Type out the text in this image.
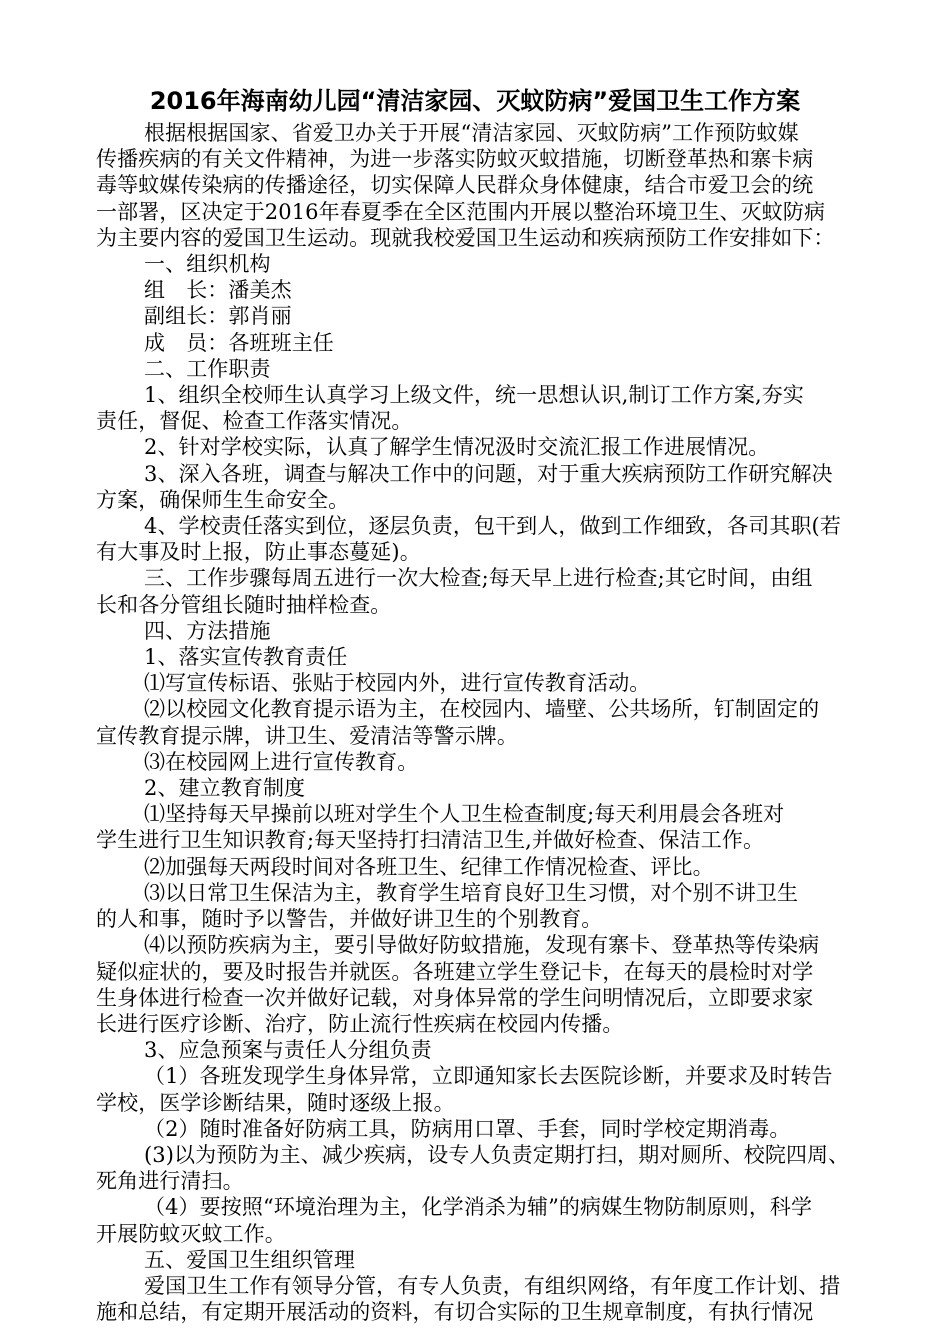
2016年海南幼儿园“清洁家园、灭蚊防病”爱国卫生工作方案

根据根据国家、省爱卫办关于开展“清洁家园、灭蚊防病”工作预防蚊媒

传播疾病的有关文件精神，为进一步落实防蚊灭蚊措施，切断登革热和寨卡病

毒等蚊媒传染病的传播途径，切实保障人民群众身体健康，结合市爱卫会的统

一部署，区决定于2016年春夏季在全区范围内开展以整治环境卫生、灭蚊防病

为主要内容的爱国卫生运动。现就我校爱国卫生运动和疾病预防工作安排如下：

一、组织机构

组　长：潘美杰

副组长：郭肖丽

成　员：各班班主任

二、工作职责

1、组织全校师生认真学习上级文件，统一思想认识,制订工作方案,夯实

责任，督促、检查工作落实情况。

2、针对学校实际，认真了解学生情况汲时交流汇报工作进展情况。

3、深入各班，调查与解决工作中的问题，对于重大疾病预防工作研究解决

方案，确保师生生命安全。

4、学校责任落实到位，逐层负责，包干到人，做到工作细致，各司其职(若

有大事及时上报，防止事态蔓延)。

三、工作步骤每周五进行一次大检查;每天早上进行检查;其它时间，由组

长和各分管组长随时抽样检查。

四、方法措施

1、落实宣传教育责任

⑴写宣传标语、张贴于校园内外，进行宣传教育活动。

⑵以校园文化教育提示语为主，在校园内、墙壁、公共场所，钉制固定的

宣传教育提示牌，讲卫生、爱清洁等警示牌。

⑶在校园网上进行宣传教育。

2、建立教育制度

⑴坚持每天早操前以班对学生个人卫生检查制度;每天利用晨会各班对

学生进行卫生知识教育;每天坚持打扫清洁卫生,并做好检查、保洁工作。

⑵加强每天两段时间对各班卫生、纪律工作情况检查、评比。

⑶以日常卫生保洁为主，教育学生培育良好卫生习惯，对个别不讲卫生

的人和事，随时予以警告，并做好讲卫生的个别教育。

⑷以预防疾病为主，要引导做好防蚊措施，发现有寨卡、登革热等传染病

疑似症状的，要及时报告并就医。各班建立学生登记卡，在每天的晨检时对学

生身体进行检查一次并做好记载，对身体异常的学生问明情况后，立即要求家

长进行医疗诊断、治疗，防止流行性疾病在校园内传播。

3、应急预案与责任人分组负责

（1）各班发现学生身体异常，立即通知家长去医院诊断，并要求及时转告

学校，医学诊断结果，随时逐级上报。

（2）随时准备好防病工具，防病用口罩、手套，同时学校定期消毒。

(3)以为预防为主、减少疾病，设专人负责定期打扫，期对厕所、校院四周、

死角进行清扫。

（4）要按照“环境治理为主，化学消杀为辅”的病媒生物防制原则，科学

开展防蚊灭蚊工作。

五、爱国卫生组织管理

爱国卫生工作有领导分管，有专人负责，有组织网络，有年度工作计划、措

施和总结，有定期开展活动的资料，有切合实际的卫生规章制度，有执行情况
